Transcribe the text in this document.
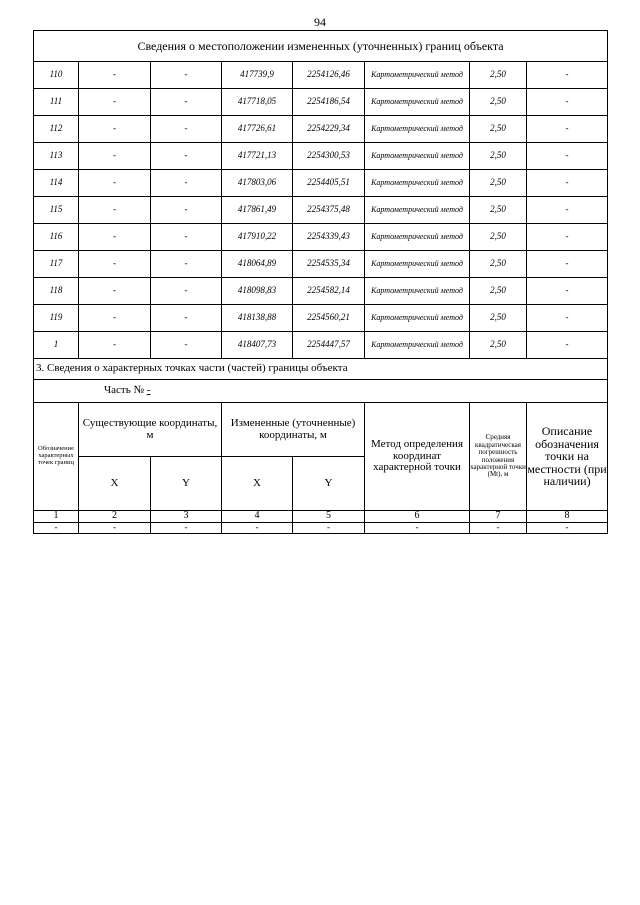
94
Сведения о местоположении измененных (уточненных) границ объекта							
110	-	-	417739,9	2254126,46	Картометрический метод	2,50	-
111	-	-	417718,05	2254186,54	Картометрический метод	2,50	-
112	-	-	417726,61	2254229,34	Картометрический метод	2,50	-
113	-	-	417721,13	2254300,53	Картометрический метод	2,50	-
114	-	-	417803,06	2254405,51	Картометрический метод	2,50	-
115	-	-	417861,49	2254375,48	Картометрический метод	2,50	-
116	-	-	417910,22	2254339,43	Картометрический метод	2,50	-
117	-	-	418064,89	2254535,34	Картометрический метод	2,50	-
118	-	-	418098,83	2254582,14	Картометрический метод	2,50	-
119	-	-	418138,88	2254560,21	Картометрический метод	2,50	-
1	-	-	418407,73	2254447,57	Картометрический метод	2,50	-
3. Сведения о характерных точках части (частей) границы объекта							
Часть № -							
Обозначение характерных точек границ	Существующие координаты, м		Измененные (уточненные) координаты, м		Метод определения координат характерной точки	Средняя квадратическая погрешность положения характерной точки (Mt), м	Описание обозначения точки на местности (при наличии)
	X	Y	X	Y			
1	2	3	4	5	6	7	8
-	-	-	-	-	-	-	-
